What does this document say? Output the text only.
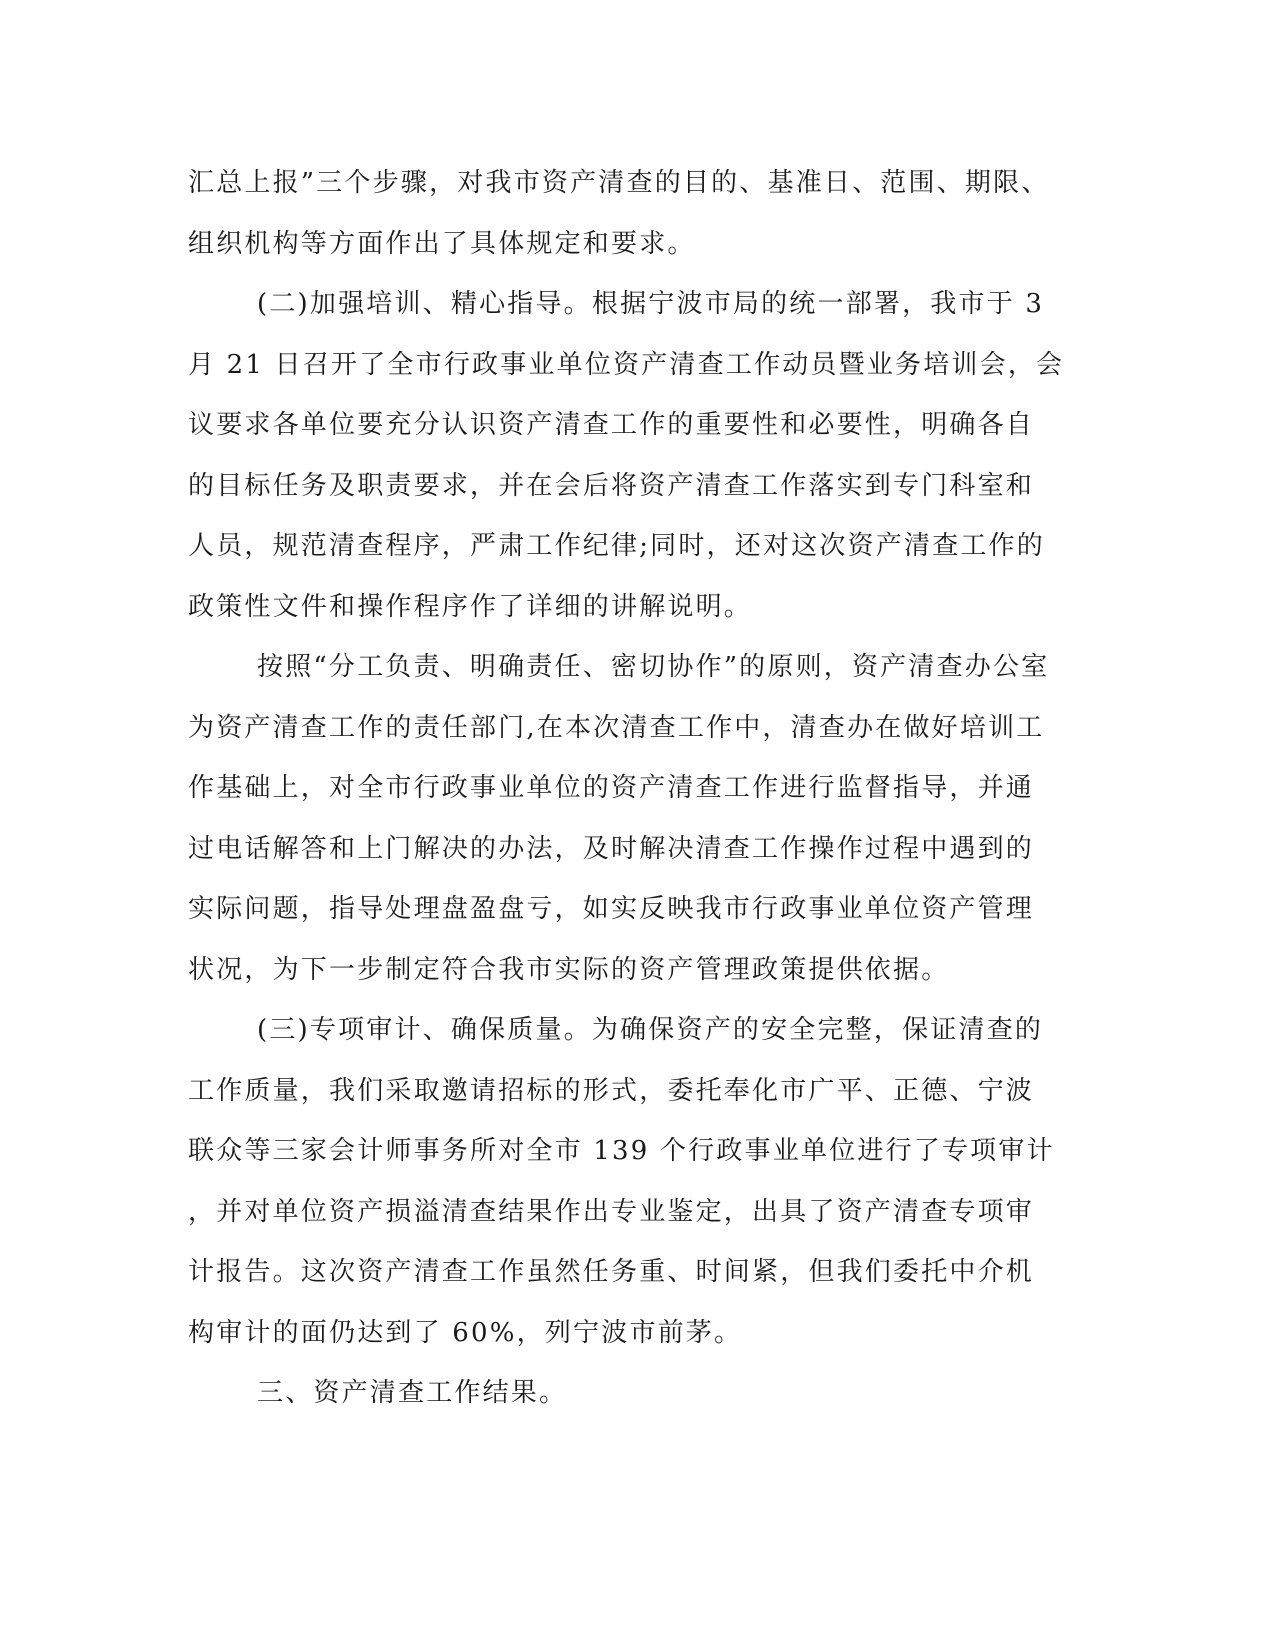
汇总上报”三个步骤，对我市资产清查的目的、基准日、范围、期限、
组织机构等方面作出了具体规定和要求。
(二)加强培训、精心指导。根据宁波市局的统一部署，我市于 3
月 21 日召开了全市行政事业单位资产清查工作动员暨业务培训会，会
议要求各单位要充分认识资产清查工作的重要性和必要性，明确各自
的目标任务及职责要求，并在会后将资产清查工作落实到专门科室和
人员，规范清查程序，严肃工作纪律;同时，还对这次资产清查工作的
政策性文件和操作程序作了详细的讲解说明。
按照“分工负责、明确责任、密切协作”的原则，资产清查办公室
为资产清查工作的责任部门,在本次清查工作中，清查办在做好培训工
作基础上，对全市行政事业单位的资产清查工作进行监督指导，并通
过电话解答和上门解决的办法，及时解决清查工作操作过程中遇到的
实际问题，指导处理盘盈盘亏，如实反映我市行政事业单位资产管理
状况，为下一步制定符合我市实际的资产管理政策提供依据。
(三)专项审计、确保质量。为确保资产的安全完整，保证清查的
工作质量，我们采取邀请招标的形式，委托奉化市广平、正德、宁波
联众等三家会计师事务所对全市 139 个行政事业单位进行了专项审计
，并对单位资产损溢清查结果作出专业鉴定，出具了资产清查专项审
计报告。这次资产清查工作虽然任务重、时间紧，但我们委托中介机
构审计的面仍达到了 60%，列宁波市前茅。
三、资产清查工作结果。
